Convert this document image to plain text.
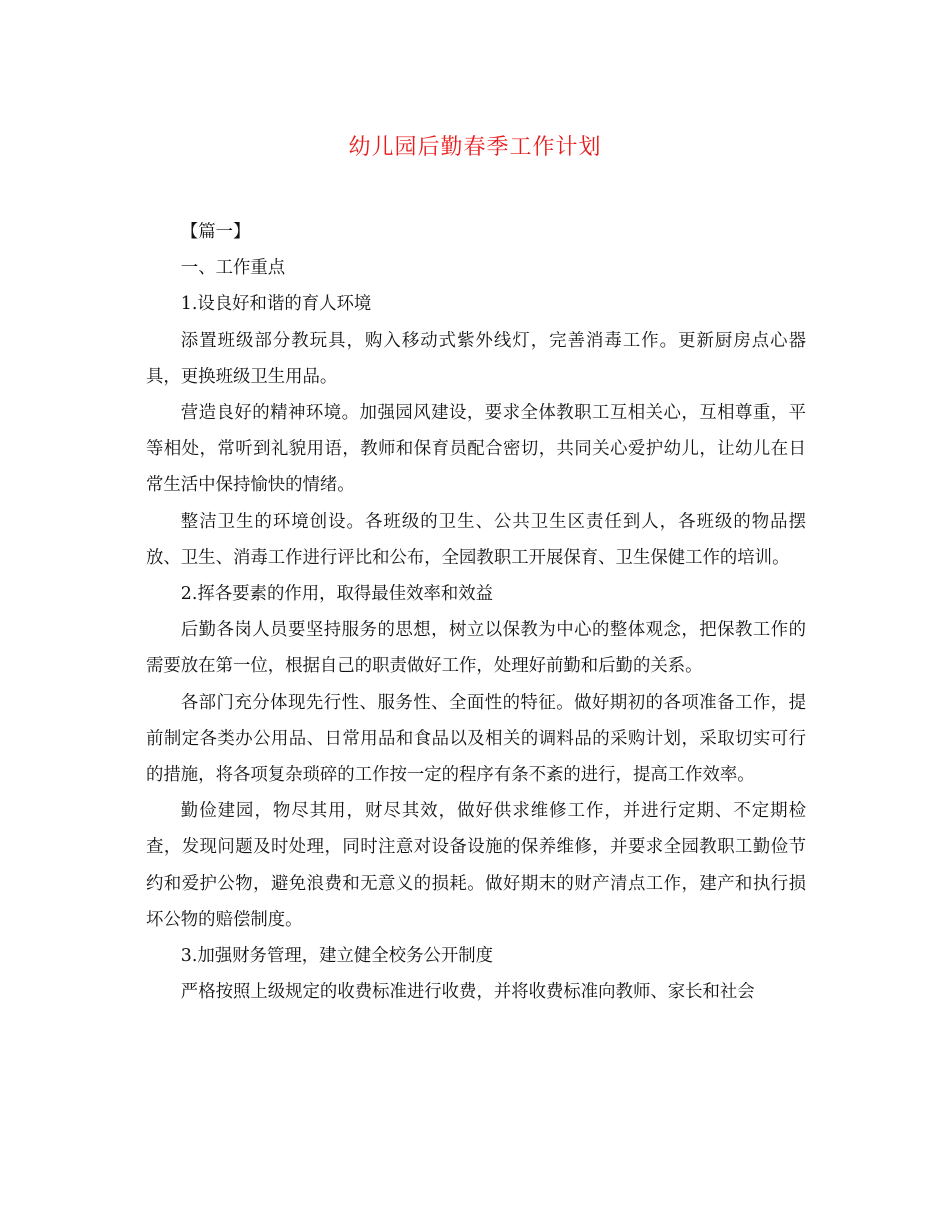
幼儿园后勤春季工作计划

【篇一】

一、工作重点

1.设良好和谐的育人环境

添置班级部分教玩具，购入移动式紫外线灯，完善消毒工作。更新厨房点心器具，更换班级卫生用品。

营造良好的精神环境。加强园风建设，要求全体教职工互相关心，互相尊重，平等相处，常听到礼貌用语，教师和保育员配合密切，共同关心爱护幼儿，让幼儿在日常生活中保持愉快的情绪。

整洁卫生的环境创设。各班级的卫生、公共卫生区责任到人，各班级的物品摆放、卫生、消毒工作进行评比和公布，全园教职工开展保育、卫生保健工作的培训。

2.挥各要素的作用，取得最佳效率和效益

后勤各岗人员要坚持服务的思想，树立以保教为中心的整体观念，把保教工作的需要放在第一位，根据自己的职责做好工作，处理好前勤和后勤的关系。

各部门充分体现先行性、服务性、全面性的特征。做好期初的各项准备工作，提前制定各类办公用品、日常用品和食品以及相关的调料品的采购计划，采取切实可行的措施，将各项复杂琐碎的工作按一定的程序有条不紊的进行，提高工作效率。

勤俭建园，物尽其用，财尽其效，做好供求维修工作，并进行定期、不定期检查，发现问题及时处理，同时注意对设备设施的保养维修，并要求全园教职工勤俭节约和爱护公物，避免浪费和无意义的损耗。做好期末的财产清点工作，建产和执行损坏公物的赔偿制度。

3.加强财务管理，建立健全校务公开制度

严格按照上级规定的收费标准进行收费，并将收费标准向教师、家长和社会
